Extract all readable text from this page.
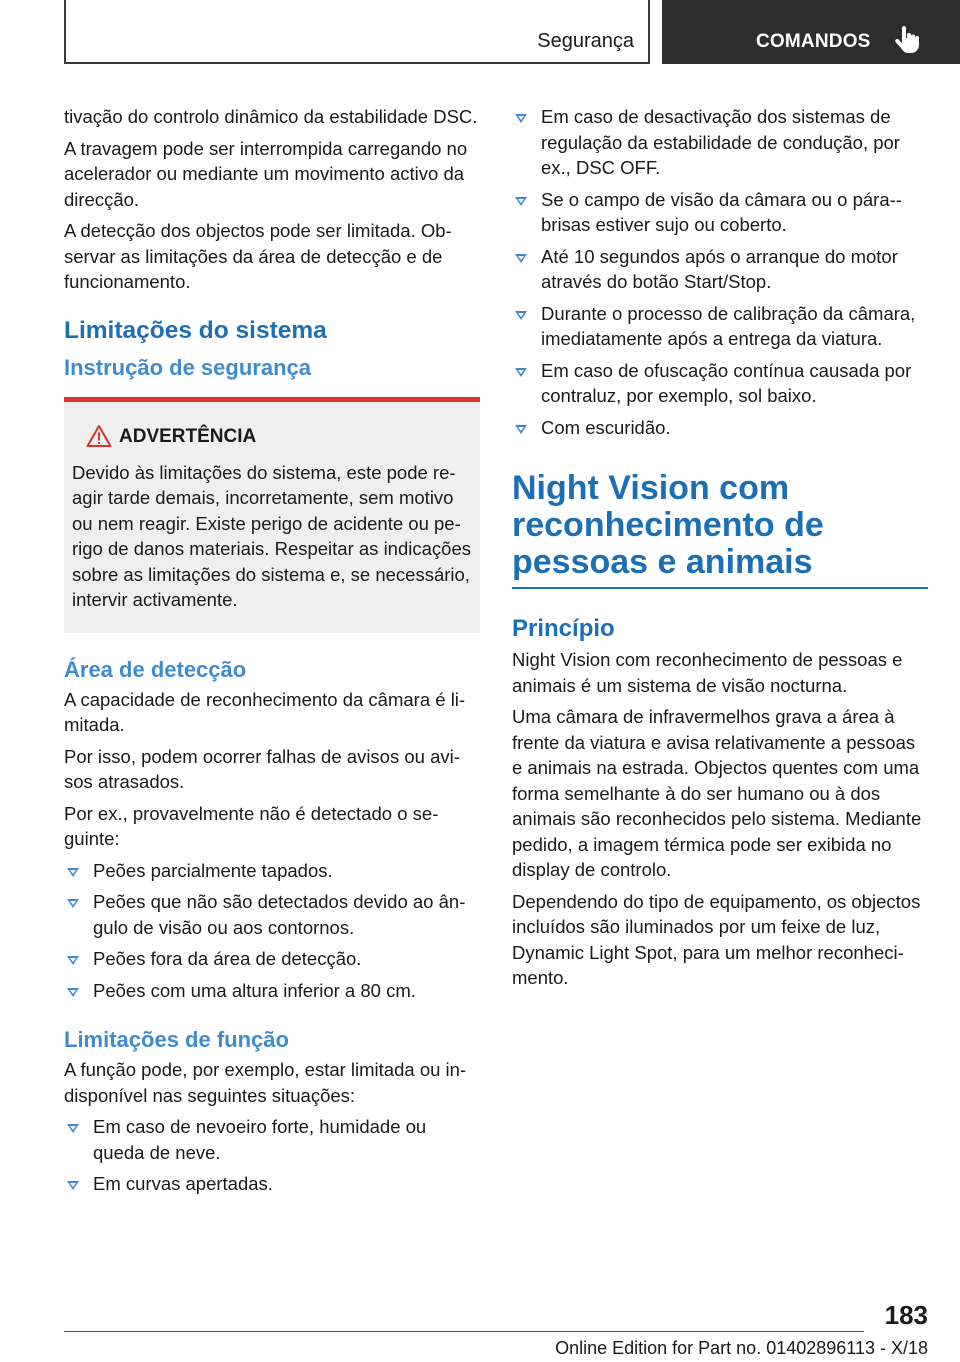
Segurança	COMANDOS

tivação do controlo dinâmico da estabilidade DSC.

A travagem pode ser interrompida carregando no acelerador ou mediante um movimento activo da direcção.

A detecção dos objectos pode ser limitada. Observar as limitações da área de detecção e de funcionamento.

Limitações do sistema
Instrução de segurança
ADVERTÊNCIA

Devido às limitações do sistema, este pode reagir tarde demais, incorretamente, sem motivo ou nem reagir. Existe perigo de acidente ou perigo de danos materiais. Respeitar as indicações sobre as limitações do sistema e, se necessário, intervir activamente.

Área de detecção

A capacidade de reconhecimento da câmara é limitada.

Por isso, podem ocorrer falhas de avisos ou avisos atrasados.

Por ex., provavelmente não é detectado o seguinte:

Peões parcialmente tapados.
Peões que não são detectados devido ao ângulo de visão ou aos contornos.
Peões fora da área de detecção.
Peões com uma altura inferior a 80 cm.
Limitações de função

A função pode, por exemplo, estar limitada ou indisponível nas seguintes situações:

Em caso de nevoeiro forte, humidade ou queda de neve.
Em curvas apertadas.
Em caso de desactivação dos sistemas de regulação da estabilidade de condução, por ex., DSC OFF.
Se o campo de visão da câmara ou o pára-brisas estiver sujo ou coberto.
Até 10 segundos após o arranque do motor através do botão Start/Stop.
Durante o processo de calibração da câmara, imediatamente após a entrega da viatura.
Em caso de ofuscação contínua causada por contraluz, por exemplo, sol baixo.
Com escuridão.
Night Vision com reconhecimento de pessoas e animais
Princípio

Night Vision com reconhecimento de pessoas e animais é um sistema de visão nocturna.

Uma câmara de infravermelhos grava a área à frente da viatura e avisa relativamente a pessoas e animais na estrada. Objectos quentes com uma forma semelhante à do ser humano ou à dos animais são reconhecidos pelo sistema. Mediante pedido, a imagem térmica pode ser exibida no display de controlo.

Dependendo do tipo de equipamento, os objectos incluídos são iluminados por um feixe de luz, Dynamic Light Spot, para um melhor reconhecimento.

183
Online Edition for Part no. 01402896113 - X/18
